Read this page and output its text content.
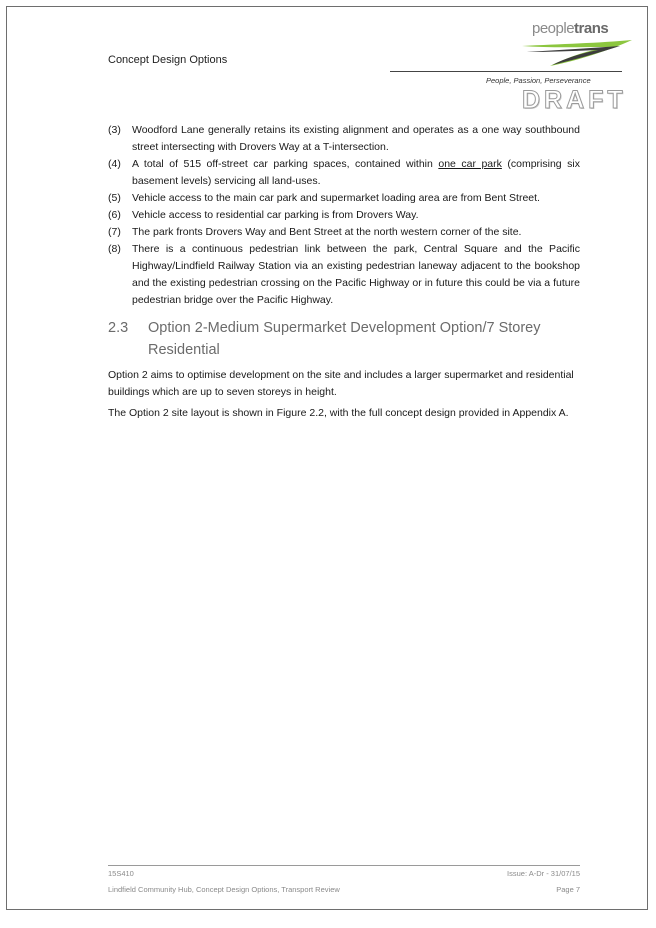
Concept Design Options
peopletrans
People, Passion, Perseverance
DRAFT
(3)	Woodford Lane generally retains its existing alignment and operates as a one way southbound street intersecting with Drovers Way at a T-intersection.
(4)	A total of 515 off-street car parking spaces, contained within one car park (comprising six basement levels) servicing all land-uses.
(5)	Vehicle access to the main car park and supermarket loading area are from Bent Street.
(6)	Vehicle access to residential car parking is from Drovers Way.
(7)	The park fronts Drovers Way and Bent Street at the north western corner of the site.
(8)	There is a continuous pedestrian link between the park, Central Square and the Pacific Highway/Lindfield Railway Station via an existing pedestrian laneway adjacent to the bookshop and the existing pedestrian crossing on the Pacific Highway or in future this could be via a future pedestrian bridge over the Pacific Highway.
2.3	Option 2-Medium Supermarket Development Option/7 Storey Residential

Option 2 aims to optimise development on the site and includes a larger supermarket and residential buildings which are up to seven storeys in height.

The Option 2 site layout is shown in Figure 2.2, with the full concept design provided in Appendix A.

15S410	Issue: A-Dr - 31/07/15
Lindfield Community Hub, Concept Design Options, Transport Review	Page 7
